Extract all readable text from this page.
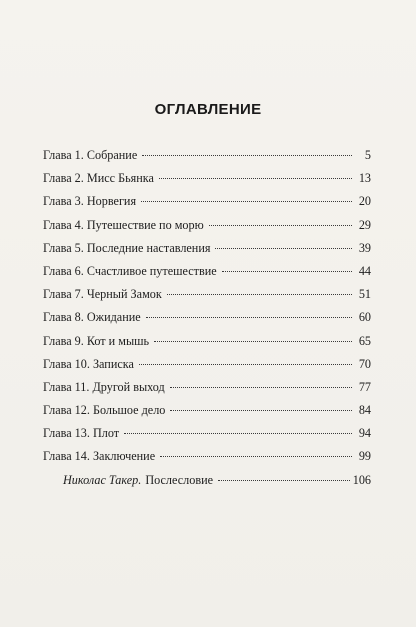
ОГЛАВЛЕНИЕ
Глава 1. Собрание	5
Глава 2. Мисс Бьянка	13
Глава 3. Норвегия	20
Глава 4. Путешествие по морю	29
Глава 5. Последние наставления	39
Глава 6. Счастливое путешествие	44
Глава 7. Черный Замок	51
Глава 8. Ожидание	60
Глава 9. Кот и мышь	65
Глава 10. Записка	70
Глава 11. Другой выход	77
Глава 12. Большое дело	84
Глава 13. Плот	94
Глава 14. Заключение	99
Николас Такер. Послесловие	106
